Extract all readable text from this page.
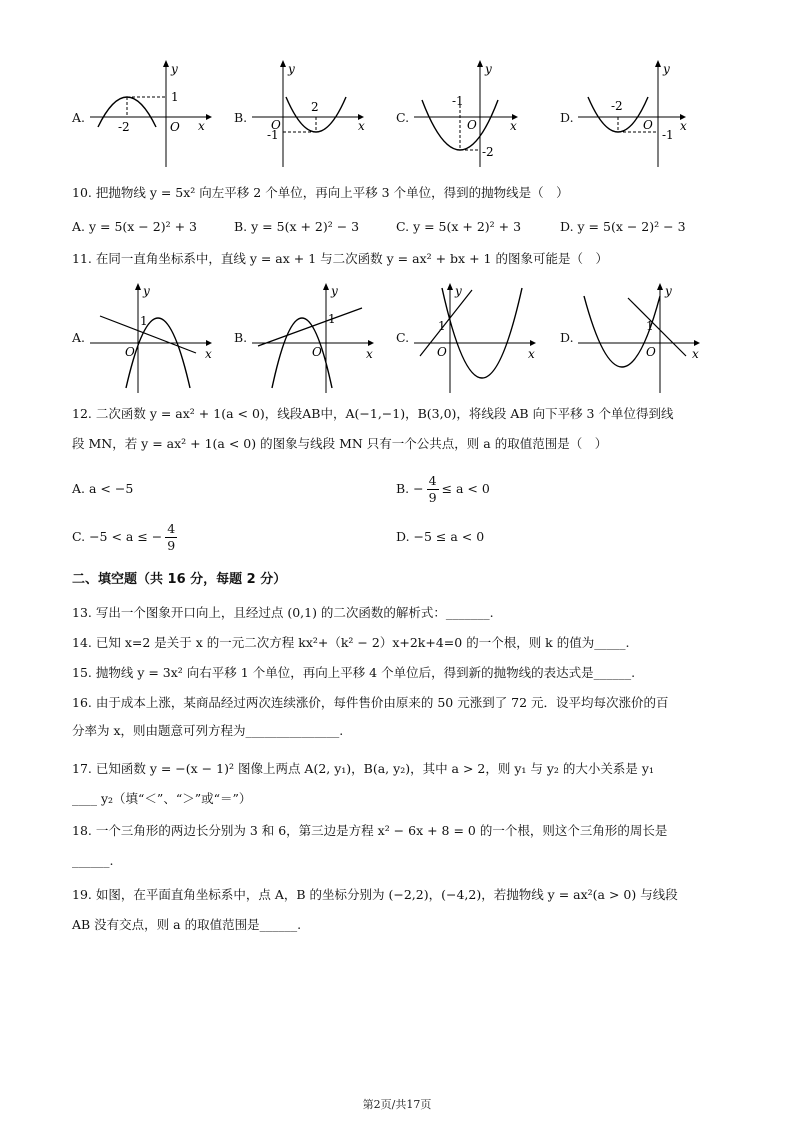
A.
1
-2	O x
y
B.
2
-1
O	x
y
C.
-1
-2
O	x
y
D.
-2
-1
O x
y
10. 把抛物线 y = 5x² 向左平移 2 个单位，再向上平移 3 个单位，得到的抛物线是（　）
A. y = 5(x − 2)² + 3	B. y = 5(x + 2)² − 3	C. y = 5(x + 2)² + 3	D. y = 5(x − 2)² − 3
11. 在同一直角坐标系中，直线 y = ax + 1 与二次函数 y = ax² + bx + 1 的图象可能是（　）
A.
1
O	x
y
B.
1
O	x
y
C.
1
O	x
y
D.
1
O	x
y
12. 二次函数 y = ax² + 1(a < 0)，线段AB中，A(−1,−1)，B(3,0)，将线段 AB 向下平移 3 个单位得到线
段 MN，若 y = ax² + 1(a < 0) 的图象与线段 MN 只有一个公共点，则 a 的取值范围是（　）
A. a < −5	B. − $\frac{4}{9} \le a < 0$
C. −5 < a ≤ − $\frac{4}{9}$	D. −5 ≤ a < 0
二、填空题（共 16 分，每题 2 分）
13. 写出一个图象开口向上，且经过点 (0,1) 的二次函数的解析式：_______.
14. 已知 x=2 是关于 x 的一元二次方程 kx²+（k² − 2）x+2k+4=0 的一个根，则 k 的值为_____.
15. 抛物线 y = 3x² 向右平移 1 个单位，再向上平移 4 个单位后，得到新的抛物线的表达式是______.
16. 由于成本上涨，某商品经过两次连续涨价，每件售价由原来的 50 元涨到了 72 元．设平均每次涨价的百
分率为 x，则由题意可列方程为_______________.
17. 已知函数 y = −(x − 1)² 图像上两点 A(2, y₁)，B(a, y₂)，其中 a > 2，则 y₁ 与 y₂ 的大小关系是 y₁
____ y₂（填“＜”、“＞”或“＝”）
18. 一个三角形的两边长分别为 3 和 6，第三边是方程 x² − 6x + 8 = 0 的一个根，则这个三角形的周长是
______.
19. 如图，在平面直角坐标系中，点 A，B 的坐标分别为 (−2,2)，(−4,2)，若抛物线 y = ax²(a > 0) 与线段
AB 没有交点，则 a 的取值范围是______.
第2页/共17页
